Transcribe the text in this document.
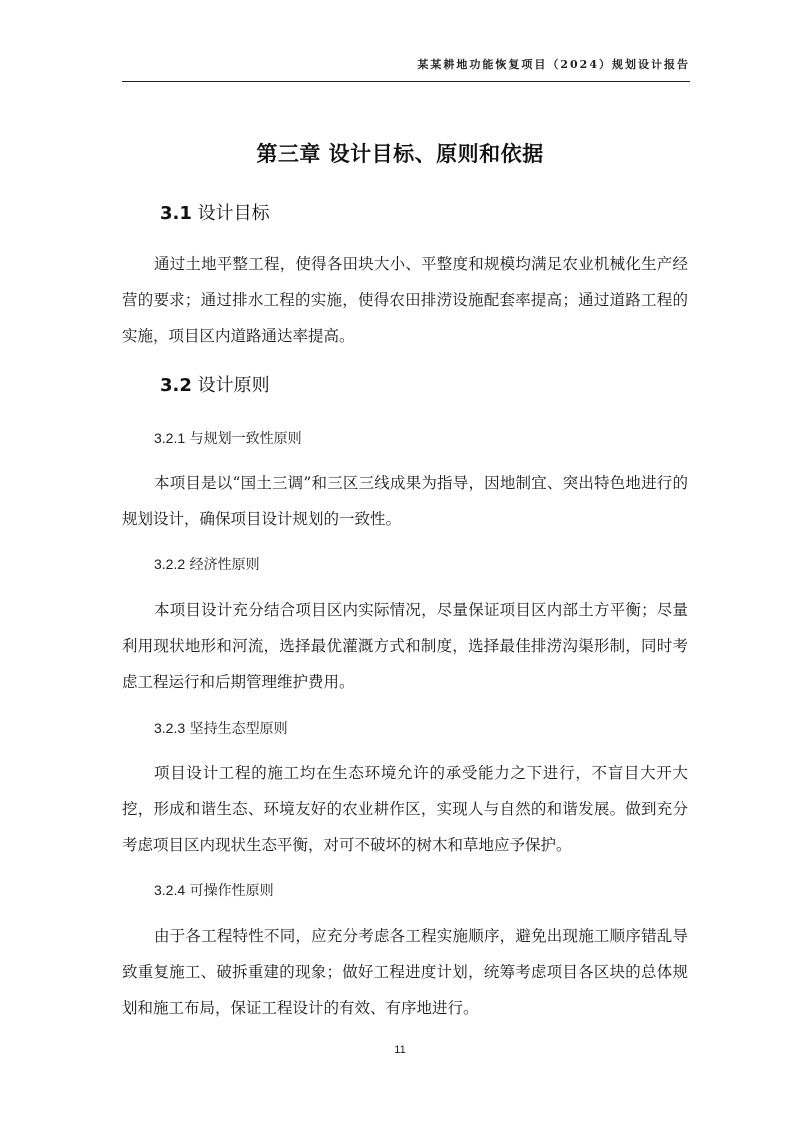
某某耕地功能恢复项目（2024）规划设计报告
第三章 设计目标、原则和依据
3.1 设计目标
通过土地平整工程，使得各田块大小、平整度和规模均满足农业机械化生产经营的要求；通过排水工程的实施，使得农田排涝设施配套率提高；通过道路工程的实施，项目区内道路通达率提高。
3.2 设计原则
3.2.1 与规划一致性原则
本项目是以“国土三调”和三区三线成果为指导，因地制宜、突出特色地进行的规划设计，确保项目设计规划的一致性。
3.2.2 经济性原则
本项目设计充分结合项目区内实际情况，尽量保证项目区内部土方平衡；尽量利用现状地形和河流，选择最优灌溉方式和制度，选择最佳排涝沟渠形制，同时考虑工程运行和后期管理维护费用。
3.2.3 坚持生态型原则
项目设计工程的施工均在生态环境允许的承受能力之下进行，不盲目大开大挖，形成和谐生态、环境友好的农业耕作区，实现人与自然的和谐发展。做到充分考虑项目区内现状生态平衡，对可不破坏的树木和草地应予保护。
3.2.4 可操作性原则
由于各工程特性不同，应充分考虑各工程实施顺序，避免出现施工顺序错乱导致重复施工、破拆重建的现象；做好工程进度计划，统筹考虑项目各区块的总体规划和施工布局，保证工程设计的有效、有序地进行。
11
